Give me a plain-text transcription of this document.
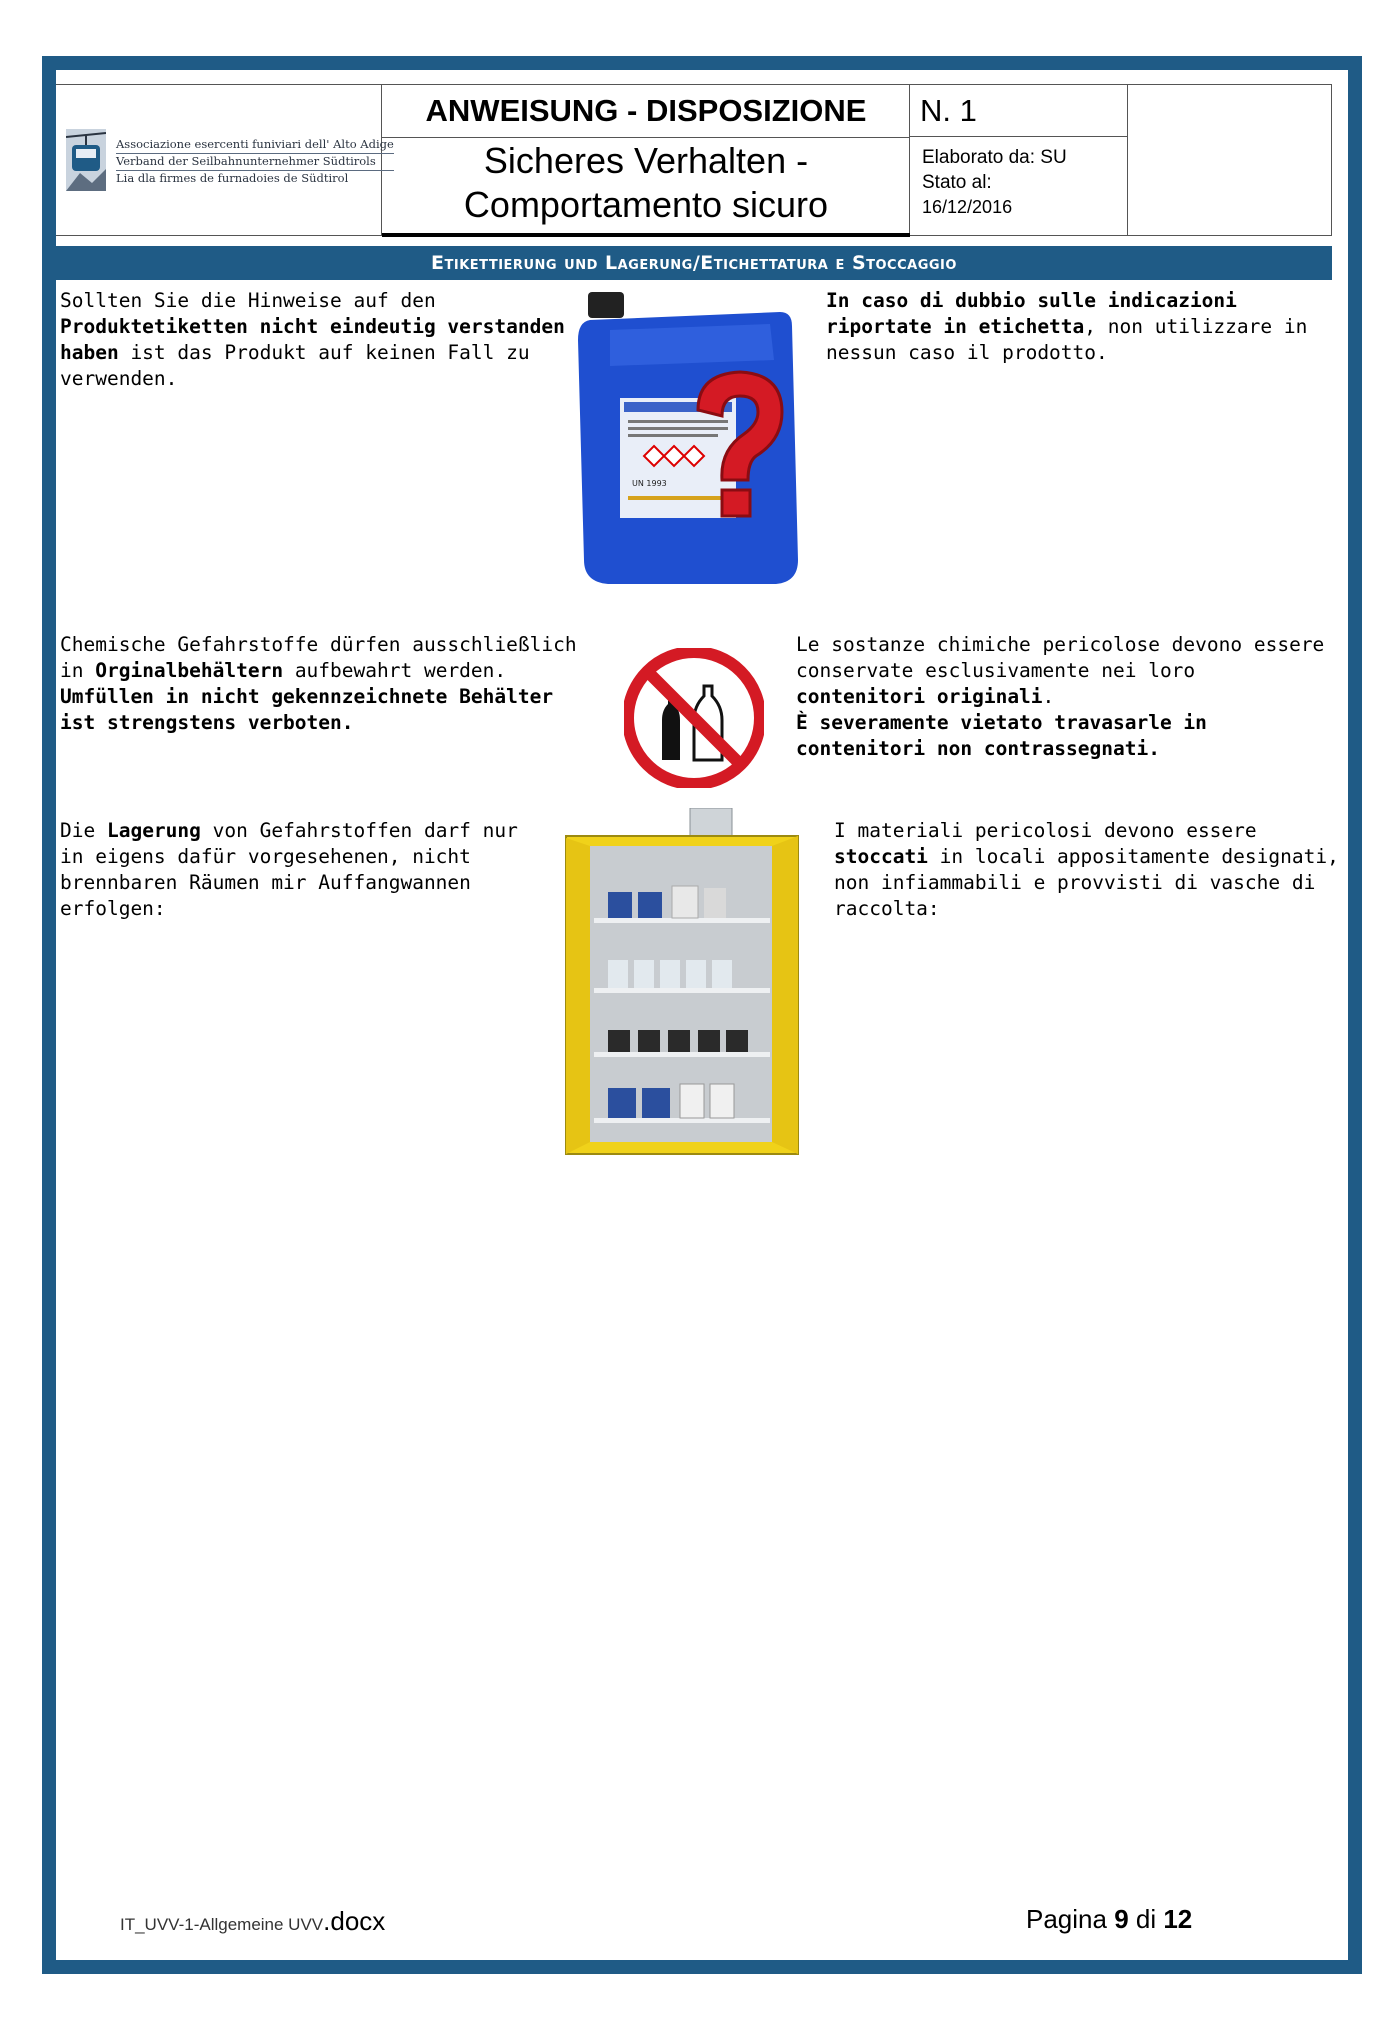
Associazione esercenti funiviari dell' Alto Adige
Verband der Seilbahnunternehmer Südtirols
Lia dla firmes de furnadoies de Südtirol
ANWEISUNG - DISPOSIZIONE
Sicheres Verhalten -
Comportamento sicuro
N. 1
Elaborato da: SU
Stato al:
16/12/2016
Etikettierung und Lagerung/Etichettatura e Stoccaggio
Sollten Sie die Hinweise auf den Produktetiketten nicht eindeutig verstanden haben ist das Produkt auf keinen Fall zu verwenden.
UN 1993
In caso di dubbio sulle indicazioni riportate in etichetta, non utilizzare in nessun caso il prodotto.
Chemische Gefahrstoffe dürfen ausschließlich in Orginalbehältern aufbewahrt werden. Umfüllen in nicht gekennzeichnete Behälter ist strengstens verboten.
Le sostanze chimiche pericolose devono essere conservate esclusivamente nei loro contenitori originali.
È severamente vietato travasarle in contenitori non contrassegnati.
Die Lagerung von Gefahrstoffen darf nur in eigens dafür vorgesehenen, nicht brennbaren Räumen mir Auffangwannen erfolgen:
I materiali pericolosi devono essere stoccati in locali appositamente designati, non infiammabili e provvisti di vasche di raccolta:
IT_UVV-1-Allgemeine UVV.docx	Pagina 9 di 12
